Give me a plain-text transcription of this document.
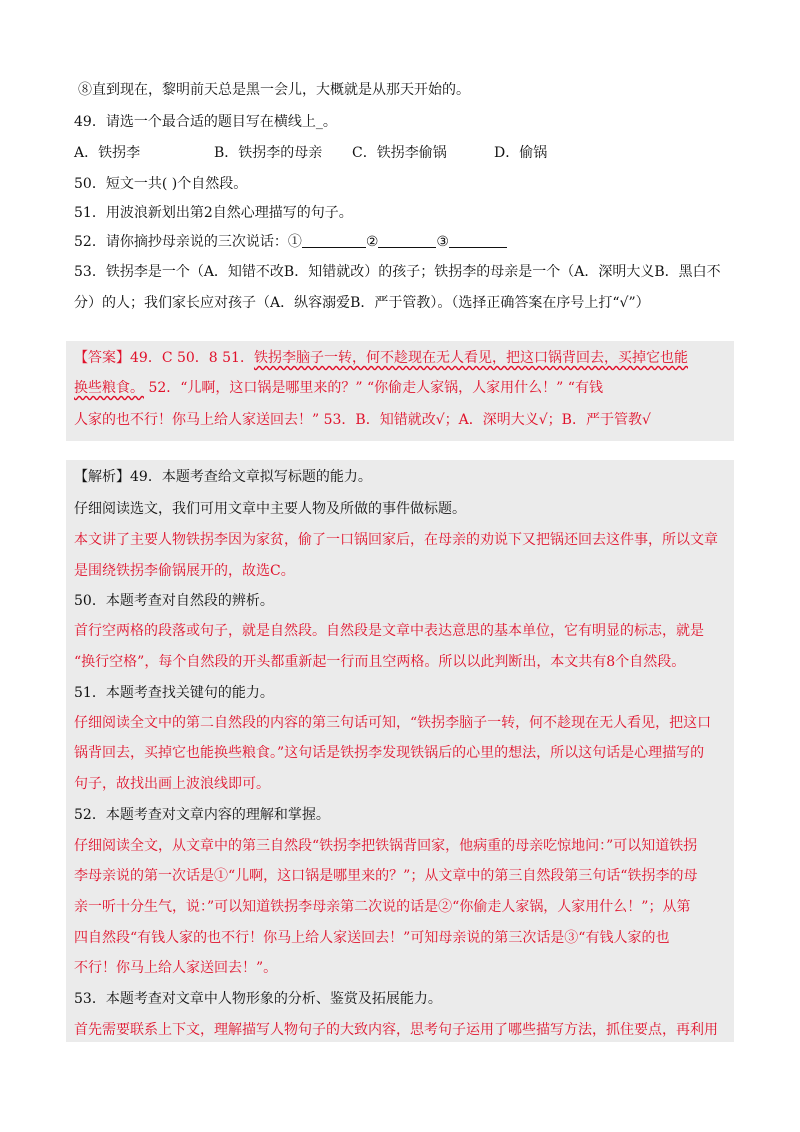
⑧直到现在，黎明前天总是黑一会儿，大概就是从那天开始的。
49．请选一个最合适的题目写在横线上_。
A．铁拐李	B．铁拐李的母亲 C．铁拐李偷锅	D．偷锅
50．短文一共( )个自然段。
51．用波浪新划出第2自然心理描写的句子。
52．请你摘抄母亲说的三次说话：①	②	③
53．铁拐李是一个（A．知错不改B．知错就改）的孩子；铁拐李的母亲是一个（A．深明大义B．黑白不
分）的人；我们家长应对孩子（A．纵容溺爱B．严于管教）。（选择正确答案在序号上打“√”）
【答案】49．C 50．8 51．铁拐李脑子一转，何不趁现在无人看见，把这口锅背回去，买掉它也能
换些粮食。 52．“儿啊，这口锅是哪里来的？” “你偷走人家锅，人家用什么！” “有钱
人家的也不行！你马上给人家送回去！” 53．B．知错就改√；A．深明大义√；B．严于管教√
【解析】49．本题考查给文章拟写标题的能力。
仔细阅读选文，我们可用文章中主要人物及所做的事件做标题。
本文讲了主要人物铁拐李因为家贫，偷了一口锅回家后，在母亲的劝说下又把锅还回去这件事，所以文章
是围绕铁拐李偷锅展开的，故选C。
50．本题考查对自然段的辨析。
首行空两格的段落或句子，就是自然段。自然段是文章中表达意思的基本单位，它有明显的标志，就是
“换行空格”，每个自然段的开头都重新起一行而且空两格。所以以此判断出，本文共有8个自然段。
51．本题考查找关键句的能力。
仔细阅读全文中的第二自然段的内容的第三句话可知，“铁拐李脑子一转，何不趁现在无人看见，把这口
锅背回去，买掉它也能换些粮食。”这句话是铁拐李发现铁锅后的心里的想法，所以这句话是心理描写的
句子，故找出画上波浪线即可。
52．本题考查对文章内容的理解和掌握。
仔细阅读全文，从文章中的第三自然段“铁拐李把铁锅背回家，他病重的母亲吃惊地问：”可以知道铁拐
李母亲说的第一次话是①“儿啊，这口锅是哪里来的？”；从文章中的第三自然段第三句话“铁拐李的母
亲一听十分生气，说：”可以知道铁拐李母亲第二次说的话是②“你偷走人家锅，人家用什么！”；从第
四自然段“有钱人家的也不行！你马上给人家送回去！”可知母亲说的第三次话是③“有钱人家的也
不行！你马上给人家送回去！”。
53．本题考查对文章中人物形象的分析、鉴赏及拓展能力。
首先需要联系上下文，理解描写人物句子的大致内容，思考句子运用了哪些描写方法，抓住要点，再利用
